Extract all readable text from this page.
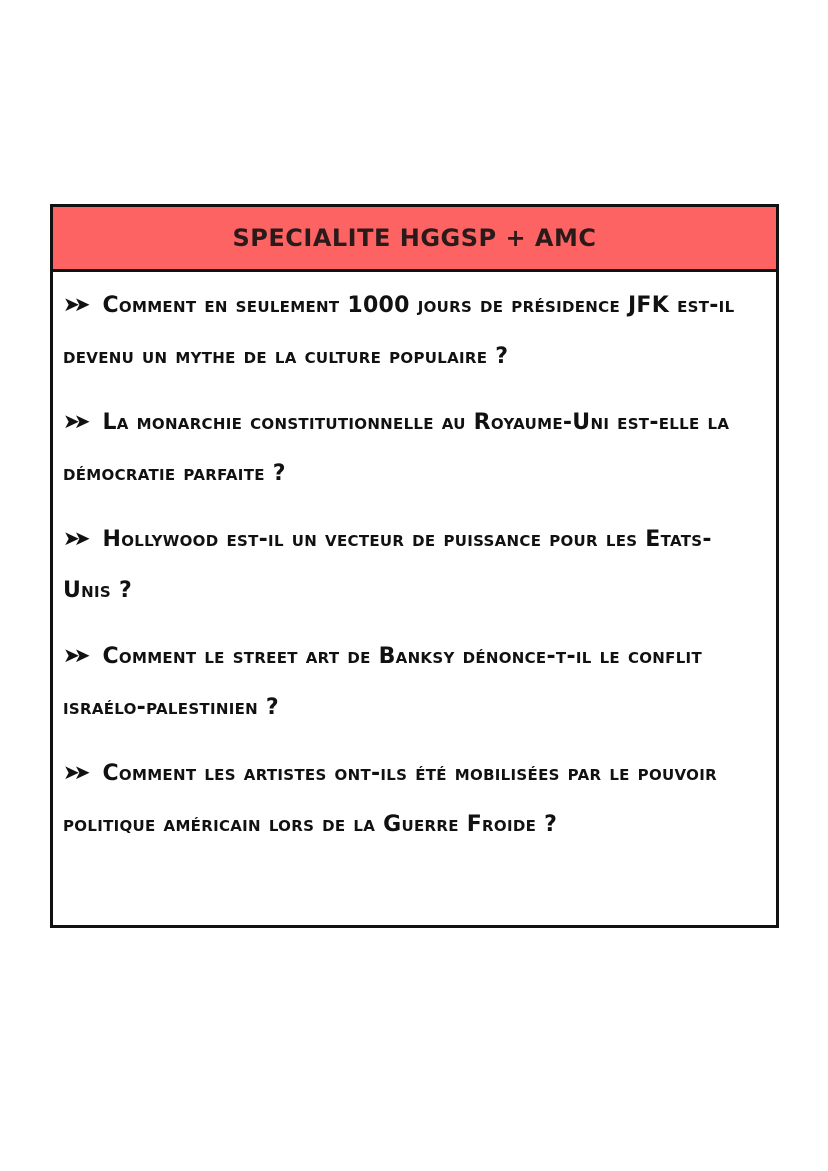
SPECIALITE HGGSP + AMC
➤➤ Comment en seulement 1000 jours de présidence JFK est-il devenu un mythe de la culture populaire ?
➤➤ La monarchie constitutionnelle au Royaume-Uni est-elle la démocratie parfaite ?
➤➤ Hollywood est-il un vecteur de puissance pour les Etats-Unis ?
➤➤ Comment le street art de Banksy dénonce-t-il le conflit israélo-palestinien ?
➤➤ Comment les artistes ont-ils été mobilisées par le pouvoir politique américain lors de la Guerre Froide ?
